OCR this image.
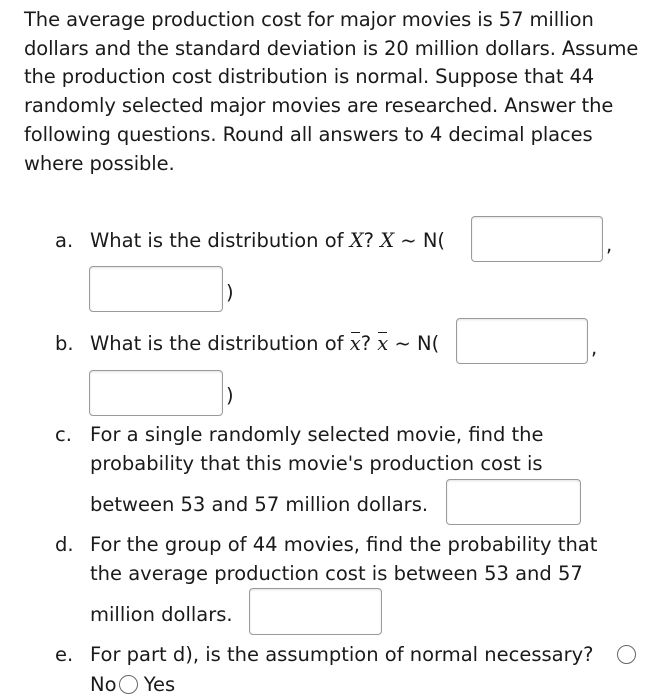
The average production cost for major movies is 57 million dollars and the standard deviation is 20 million dollars. Assume the production cost distribution is normal. Suppose that 44 randomly selected major movies are researched. Answer the following questions. Round all answers to 4 decimal places where possible.
a. What is the distribution of X? X ~ N(	,
)
b. What is the distribution of x? x ~ N(	,
)
c. For a single randomly selected movie, find the
probability that this movie's production cost is
between 53 and 57 million dollars.
d. For the group of 44 movies, find the probability that
the average production cost is between 53 and 57
million dollars.
e. For part d), is the assumption of normal necessary?
No Yes
